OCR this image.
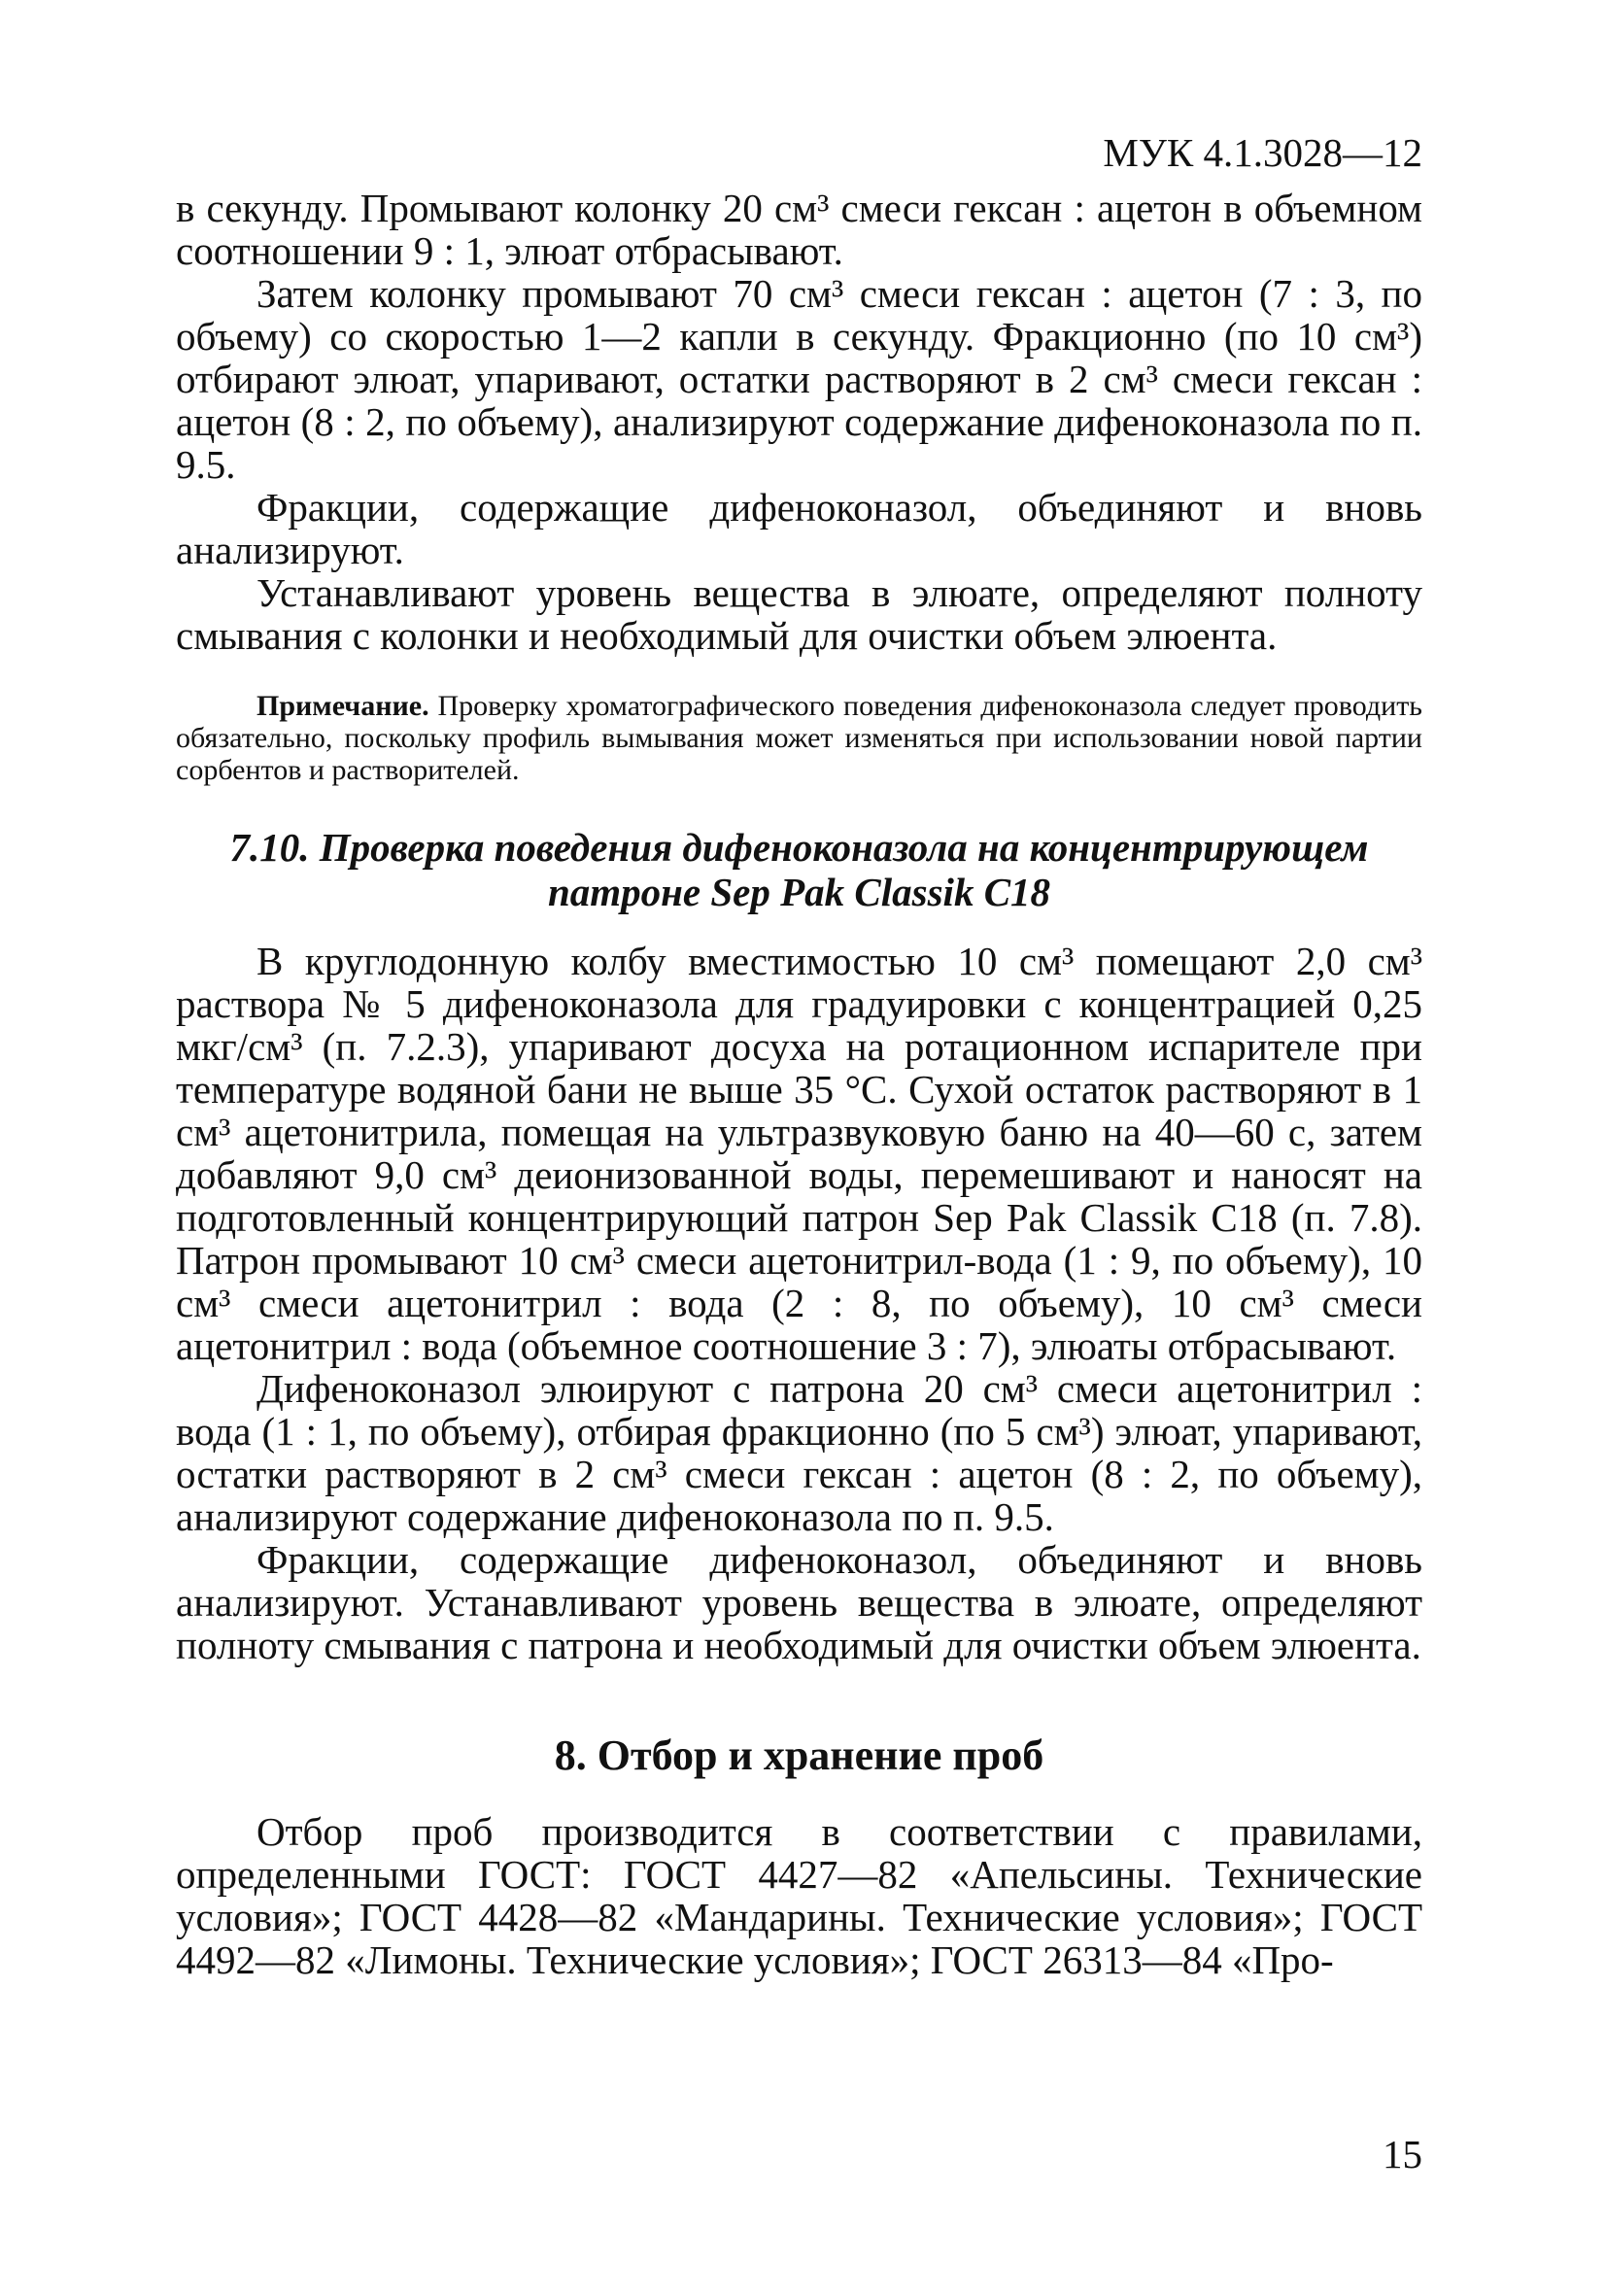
МУК 4.1.3028—12

в секунду. Промывают колонку 20 см³ смеси гексан : ацетон в объемном соотношении 9 : 1, элюат отбрасывают.

Затем колонку промывают 70 см³ смеси гексан : ацетон (7 : 3, по объему) со скоростью 1—2 капли в секунду. Фракционно (по 10 см³) отбирают элюат, упаривают, остатки растворяют в 2 см³ смеси гексан : ацетон (8 : 2, по объему), анализируют содержание дифеноконазола по п. 9.5.

Фракции, содержащие дифеноконазол, объединяют и вновь анализируют.

Устанавливают уровень вещества в элюате, определяют полноту смывания с колонки и необходимый для очистки объем элюента.

Примечание. Проверку хроматографического поведения дифеноконазола следует проводить обязательно, поскольку профиль вымывания может изменяться при использовании новой партии сорбентов и растворителей.
7.10. Проверка поведения дифеноконазола на концентрирующем
патроне Sep Pak Classik C18

В круглодонную колбу вместимостью 10 см³ помещают 2,0 см³ раствора № 5 дифеноконазола для градуировки с концентрацией 0,25 мкг/см³ (п. 7.2.3), упаривают досуха на ротационном испарителе при температуре водяной бани не выше 35 °С. Сухой остаток растворяют в 1 см³ ацетонитрила, помещая на ультразвуковую баню на 40—60 с, затем добавляют 9,0 см³ деионизованной воды, перемешивают и наносят на подготовленный концентрирующий патрон Sep Pak Classik C18 (п. 7.8). Патрон промывают 10 см³ смеси ацетонитрил-вода (1 : 9, по объему), 10 см³ смеси ацетонитрил : вода (2 : 8, по объему), 10 см³ смеси ацетонитрил : вода (объемное соотношение 3 : 7), элюаты отбрасывают.

Дифеноконазол элюируют с патрона 20 см³ смеси ацетонитрил : вода (1 : 1, по объему), отбирая фракционно (по 5 см³) элюат, упаривают, остатки растворяют в 2 см³ смеси гексан : ацетон (8 : 2, по объему), анализируют содержание дифеноконазола по п. 9.5.

Фракции, содержащие дифеноконазол, объединяют и вновь анализируют. Устанавливают уровень вещества в элюате, определяют полноту смывания с патрона и необходимый для очистки объем элюента.

8. Отбор и хранение проб

Отбор проб производится в соответствии с правилами, определенными ГОСТ: ГОСТ 4427—82 «Апельсины. Технические условия»; ГОСТ 4428—82 «Мандарины. Технические условия»; ГОСТ 4492—82 «Лимоны. Технические условия»; ГОСТ 26313—84 «Про-

15
